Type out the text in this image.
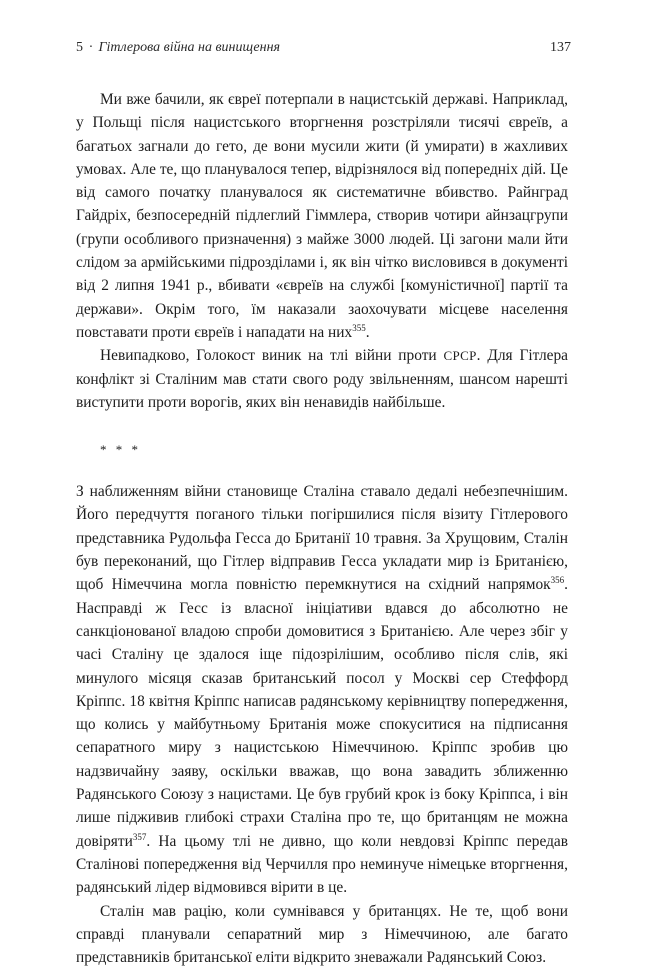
5 · Гітлерова війна на винищення	137

Ми вже бачили, як євреї потерпали в нацистській державі. Наприклад, у Польщі після нацистського вторгнення розстріляли тисячі євреїв, а багатьох загнали до гето, де вони мусили жити (й умирати) в жахливих умовах. Але те, що планувалося тепер, відрізнялося від попередніх дій. Це від самого початку планувалося як систематичне вбивство. Райнград Гайдріх, безпосередній підлеглий Гіммлера, створив чотири айнзацгрупи (групи особливого призначення) з майже 3000 людей. Ці загони мали йти слідом за армійськими підрозділами і, як він чітко висловився в документі від 2 липня 1941 р., вбивати «євреїв на службі [комуністичної] партії та держави». Окрім того, їм наказали заохочувати місцеве населення повставати проти євреїв і нападати на них$^{355}$.

Невипадково, Голокост виник на тлі війни проти СРСР. Для Гітлера конфлікт зі Сталіним мав стати свого роду звільненням, шансом нарешті виступити проти ворогів, яких він ненавидів найбільше.

* * *

З наближенням війни становище Сталіна ставало дедалі небезпечнішим. Його передчуття поганого тільки погіршилися після візиту Гітлерового представника Рудольфа Гесса до Британії 10 травня. За Хрущовим, Сталін був переконаний, що Гітлер відправив Гесса укладати мир із Британією, щоб Німеччина могла повністю перемкнутися на східний напрямок$^{356}$. Насправді ж Гесс із власної ініціативи вдався до абсолютно не санкціонованої владою спроби домовитися з Британією. Але через збіг у часі Сталіну це здалося іще підозрілішим, особливо після слів, які минулого місяця сказав британський посол у Москві сер Стеффорд Кріппс. 18 квітня Кріппс написав радянському керівництву попередження, що колись у майбутньому Британія може спокуситися на підписання сепаратного миру з нацистською Німеччиною. Кріппс зробив цю надзвичайну заяву, оскільки вважав, що вона завадить зближенню Радянського Союзу з нацистами. Це був грубий крок із боку Кріппса, і він лише підживив глибокі страхи Сталіна про те, що британцям не можна довіряти$^{357}$. На цьому тлі не дивно, що коли невдовзі Кріппс передав Сталінові попередження від Черчилля про неминуче німецьке вторгнення, радянський лідер відмовився вірити в це.

Сталін мав рацію, коли сумнівався у британцях. Не те, щоб вони справді планували сепаратний мир з Німеччиною, але багато представників британської еліти відкрито зневажали Радянський Союз.
